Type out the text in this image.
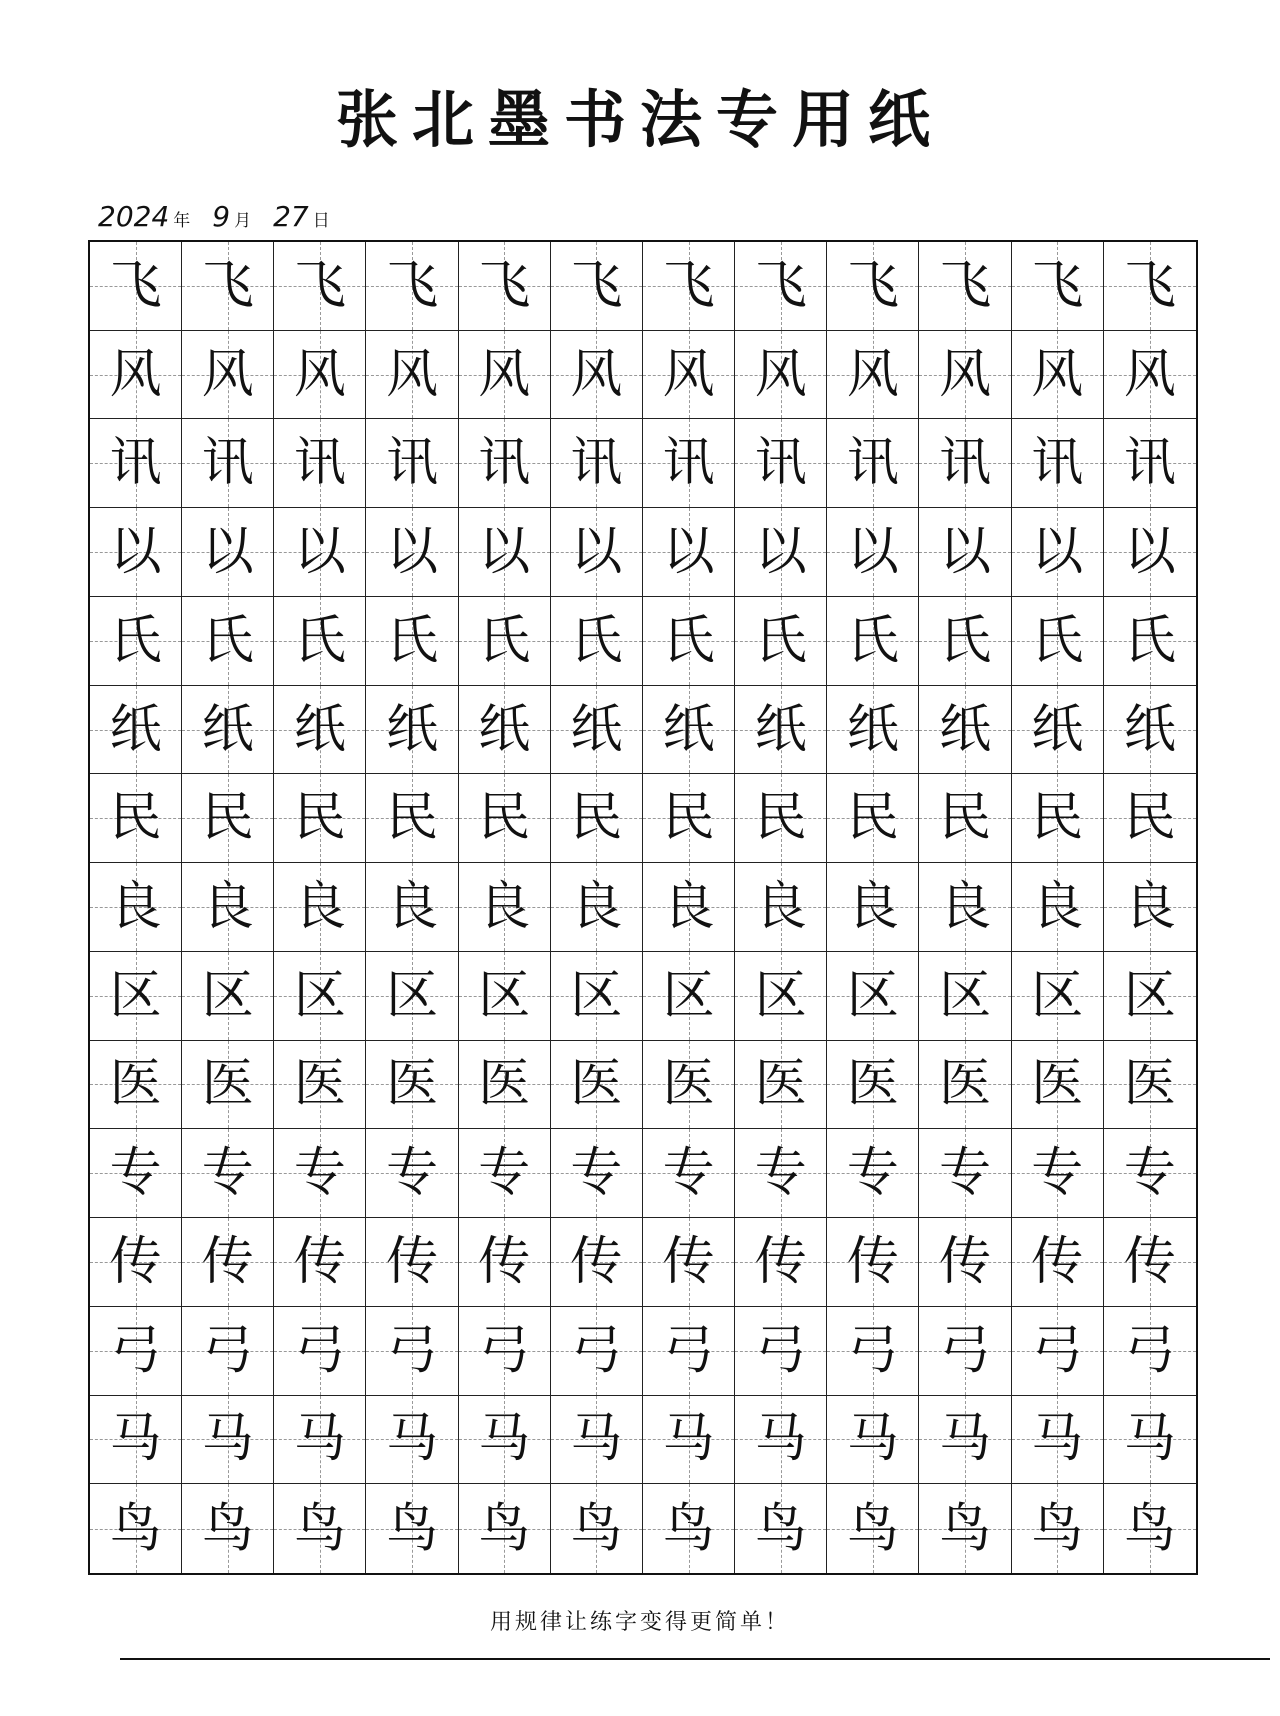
张北墨书法专用纸
2024 年 9 月 27 日
飞 飞 飞 飞 飞 飞 飞 飞 飞 飞 飞 飞
风 风 风 风 风 风 风 风 风 风 风 风
讯 讯 讯 讯 讯 讯 讯 讯 讯 讯 讯 讯
以 以 以 以 以 以 以 以 以 以 以 以
氏 氏 氏 氏 氏 氏 氏 氏 氏 氏 氏 氏
纸 纸 纸 纸 纸 纸 纸 纸 纸 纸 纸 纸
民 民 民 民 民 民 民 民 民 民 民 民
良 良 良 良 良 良 良 良 良 良 良 良
区 区 区 区 区 区 区 区 区 区 区 区
医 医 医 医 医 医 医 医 医 医 医 医
专 专 专 专 专 专 专 专 专 专 专 专
传 传 传 传 传 传 传 传 传 传 传 传
弓 弓 弓 弓 弓 弓 弓 弓 弓 弓 弓 弓
马 马 马 马 马 马 马 马 马 马 马 马
鸟 鸟 鸟 鸟 鸟 鸟 鸟 鸟 鸟 鸟 鸟 鸟
用规律让练字变得更简单！
